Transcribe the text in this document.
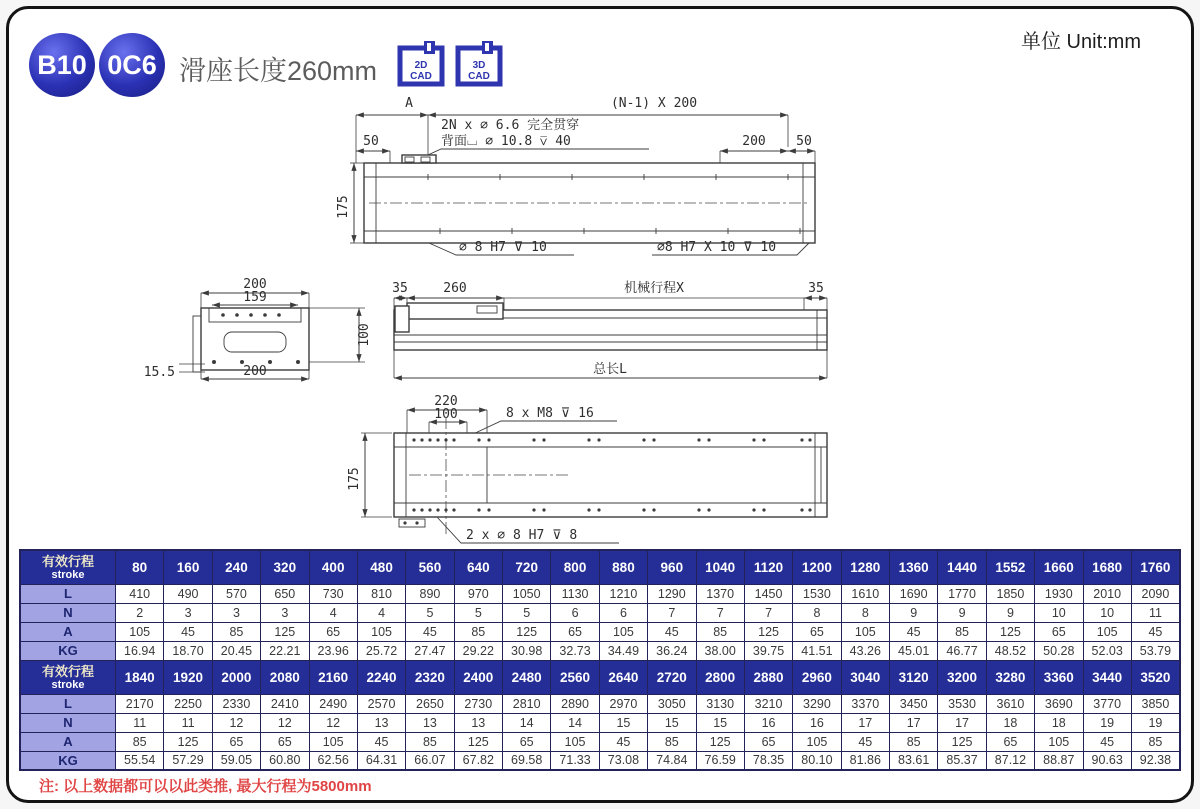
B10 0C6 滑座长度260mm	2D
CAD
3D
CAD
单位 Unit:mm
A	(N-1) X 200
2N x ∅ 6.6 完全贯穿
背面⌴ ∅ 10.8 ⊽ 40
50	200 50
175
∅ 8 H7 ⊽ 10	∅8 H7 X 10 ⊽ 10
200
159
100
15.5	200
35	260	机械行程X	35
总长L
220
100	8 x M8 ⊽ 16
175
2 x ∅ 8 H7 ⊽ 8
有效行程
stroke	80	160	240	320	400	480	560	640	720	800	880	960	1040	1120	1200	1280	1360	1440	1552	1660	1680	1760
L	410	490	570	650	730	810	890	970	1050	1130	1210	1290	1370	1450	1530	1610	1690	1770	1850	1930	2010	2090
N	2	3	3	3	4	4	5	5	5	6	6	7	7	7	8	8	9	9	9	10	10	11
A	105	45	85	125	65	105	45	85	125	65	105	45	85	125	65	105	45	85	125	65	105	45
KG	16.94	18.70	20.45	22.21	23.96	25.72	27.47	29.22	30.98	32.73	34.49	36.24	38.00	39.75	41.51	43.26	45.01	46.77	48.52	50.28	52.03	53.79

有效行程
stroke	1840	1920	2000	2080	2160	2240	2320	2400	2480	2560	2640	2720	2800	2880	2960	3040	3120	3200	3280	3360	3440	3520
L	2170	2250	2330	2410	2490	2570	2650	2730	2810	2890	2970	3050	3130	3210	3290	3370	3450	3530	3610	3690	3770	3850
N	11	11	12	12	12	13	13	13	14	14	15	15	15	16	16	17	17	17	18	18	19	19
A	85	125	65	65	105	45	85	125	65	105	45	85	125	65	105	45	85	125	65	105	45	85
KG	55.54	57.29	59.05	60.80	62.56	64.31	66.07	67.82	69.58	71.33	73.08	74.84	76.59	78.35	80.10	81.86	83.61	85.37	87.12	88.87	90.63	92.38
注: 以上数据都可以以此类推, 最大行程为5800mm
